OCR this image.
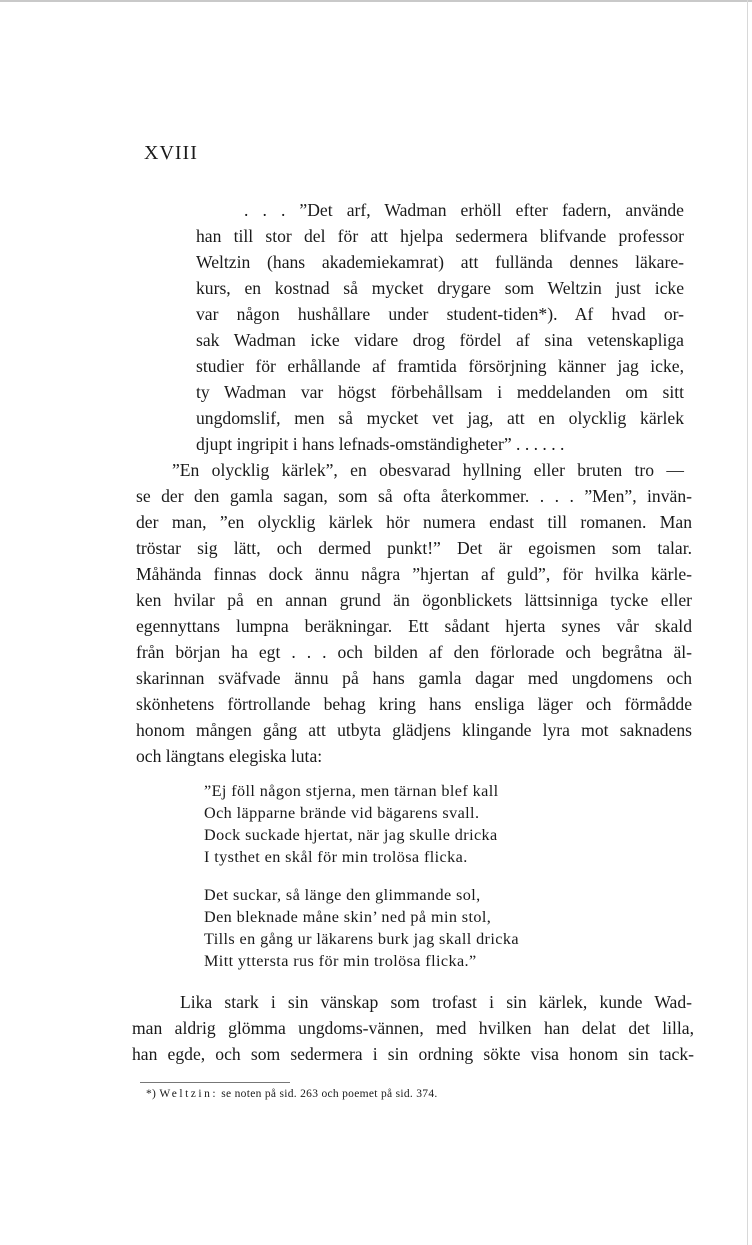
XVIII
. . . ”Det arf, Wadman erhöll efter fadern, använde
han till stor del för att hjelpa sedermera blifvande professor
Weltzin (hans akademiekamrat) att fullända dennes läkare-
kurs, en kostnad så mycket drygare som Weltzin just icke
var någon hushållare under student-tiden*). Af hvad or-
sak Wadman icke vidare drog fördel af sina vetenskapliga
studier för erhållande af framtida försörjning känner jag icke,
ty Wadman var högst förbehållsam i meddelanden om sitt
ungdomslif, men så mycket vet jag, att en olycklig kärlek
djupt ingripit i hans lefnads-omständigheter” . . . . . .
”En olycklig kärlek”, en obesvarad hyllning eller bruten tro —
se der den gamla sagan, som så ofta återkommer. . . . ”Men”, invän-
der man, ”en olycklig kärlek hör numera endast till romanen. Man
tröstar sig lätt, och dermed punkt!” Det är egoismen som talar.
Måhända finnas dock ännu några ”hjertan af guld”, för hvilka kärle-
ken hvilar på en annan grund än ögonblickets lättsinniga tycke eller
egennyttans lumpna beräkningar. Ett sådant hjerta synes vår skald
från början ha egt . . . och bilden af den förlorade och begråtna äl-
skarinnan sväfvade ännu på hans gamla dagar med ungdomens och
skönhetens förtrollande behag kring hans ensliga läger och förmådde
honom mången gång att utbyta glädjens klingande lyra mot saknadens
och längtans elegiska luta:
”Ej föll någon stjerna, men tärnan blef kall
Och läpparne brände vid bägarens svall.
Dock suckade hjertat, när jag skulle dricka
I tysthet en skål för min trolösa flicka.
Det suckar, så länge den glimmande sol,
Den bleknade måne skin’ ned på min stol,
Tills en gång ur läkarens burk jag skall dricka
Mitt yttersta rus för min trolösa flicka.”
Lika stark i sin vänskap som trofast i sin kärlek, kunde Wad-
man aldrig glömma ungdoms-vännen, med hvilken han delat det lilla,
han egde, och som sedermera i sin ordning sökte visa honom sin tack-
*) Weltzin: se noten på sid. 263 och poemet på sid. 374.
